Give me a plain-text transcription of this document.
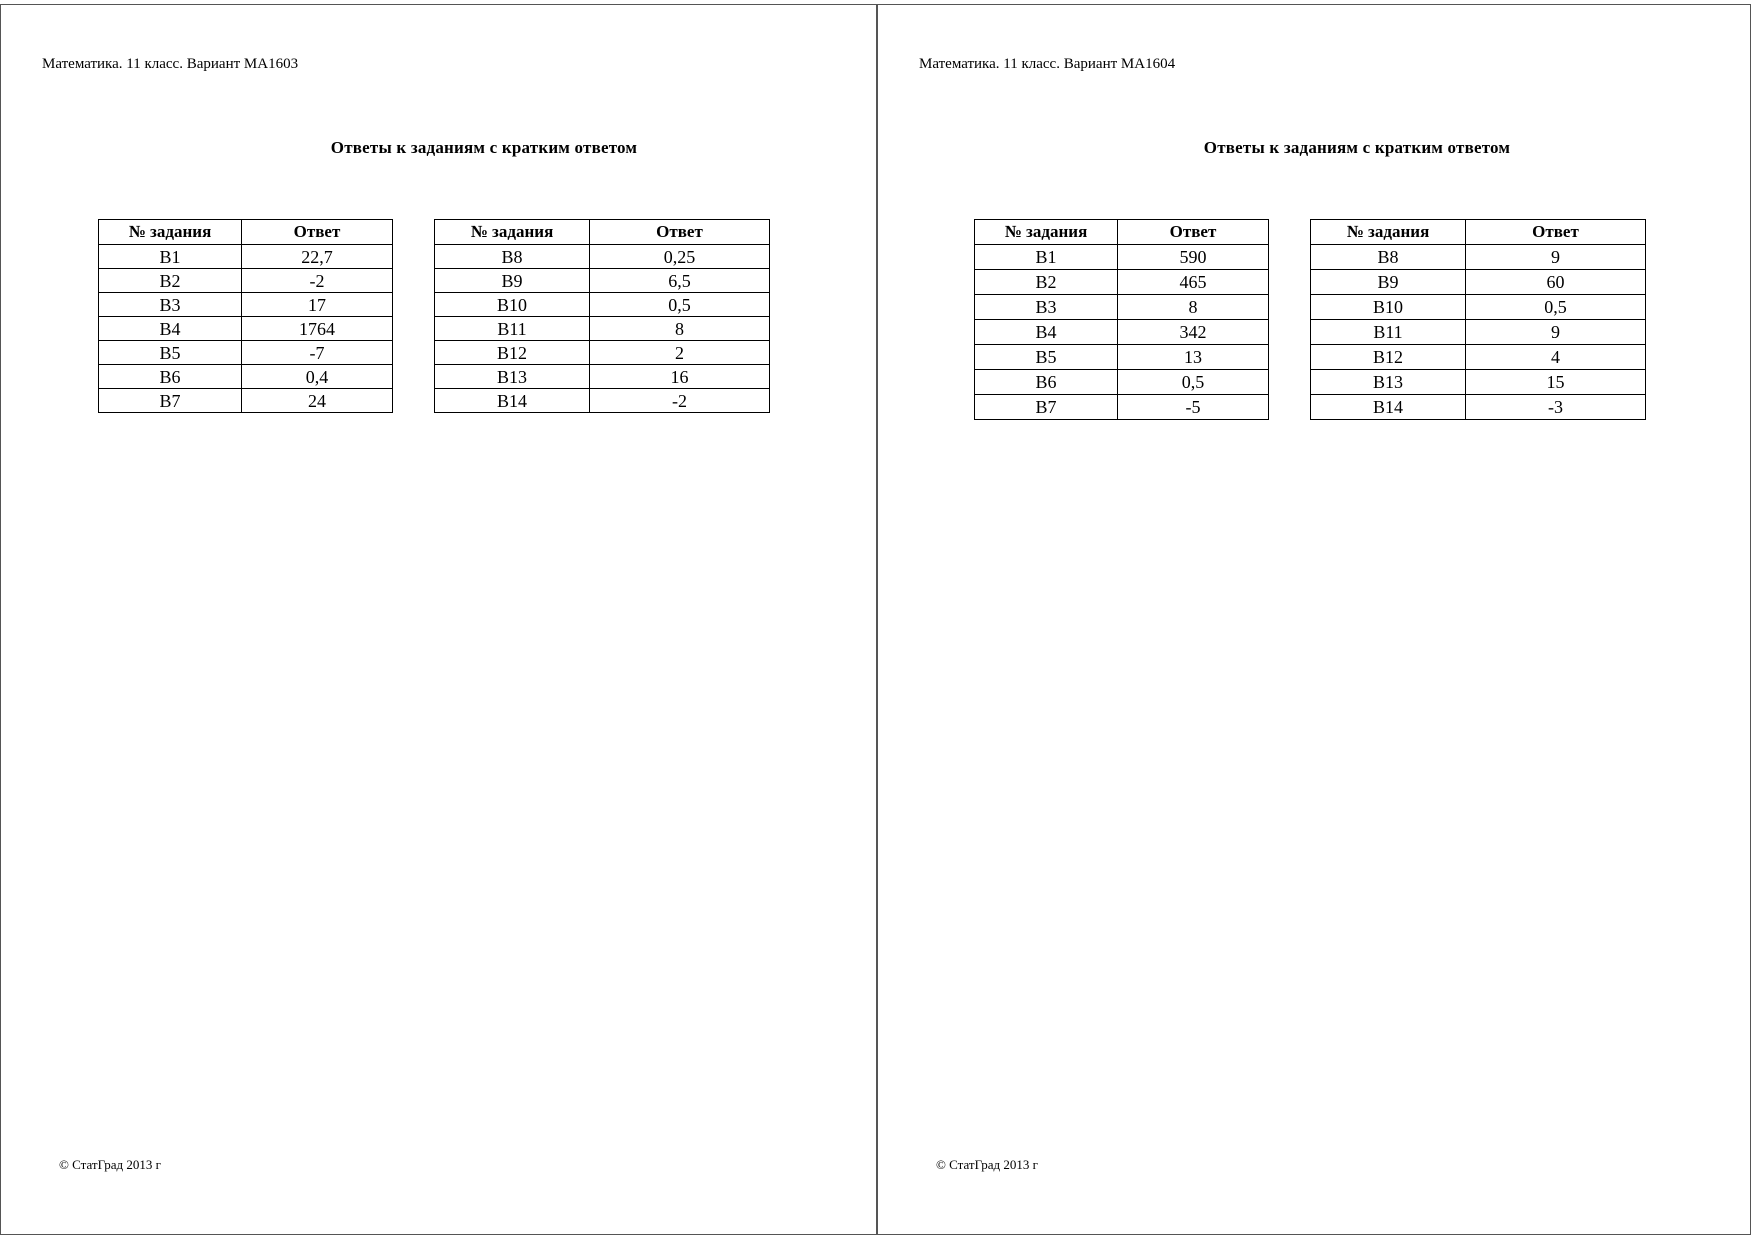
Математика. 11 класс. Вариант МА1603
Ответы к заданиям с кратким ответом
№ задания	Ответ
B1	22,7
B2	-2
B3	17
B4	1764
B5	-7
B6	0,4
B7	24
№ задания	Ответ
B8	0,25
B9	6,5
B10	0,5
B11	8
B12	2
B13	16
B14	-2
© СтатГрад 2013 г
Математика. 11 класс. Вариант МА1604
Ответы к заданиям с кратким ответом
№ задания	Ответ
B1	590
B2	465
B3	8
B4	342
B5	13
B6	0,5
B7	-5
№ задания	Ответ
B8	9
B9	60
B10	0,5
B11	9
B12	4
B13	15
B14	-3
© СтатГрад 2013 г
